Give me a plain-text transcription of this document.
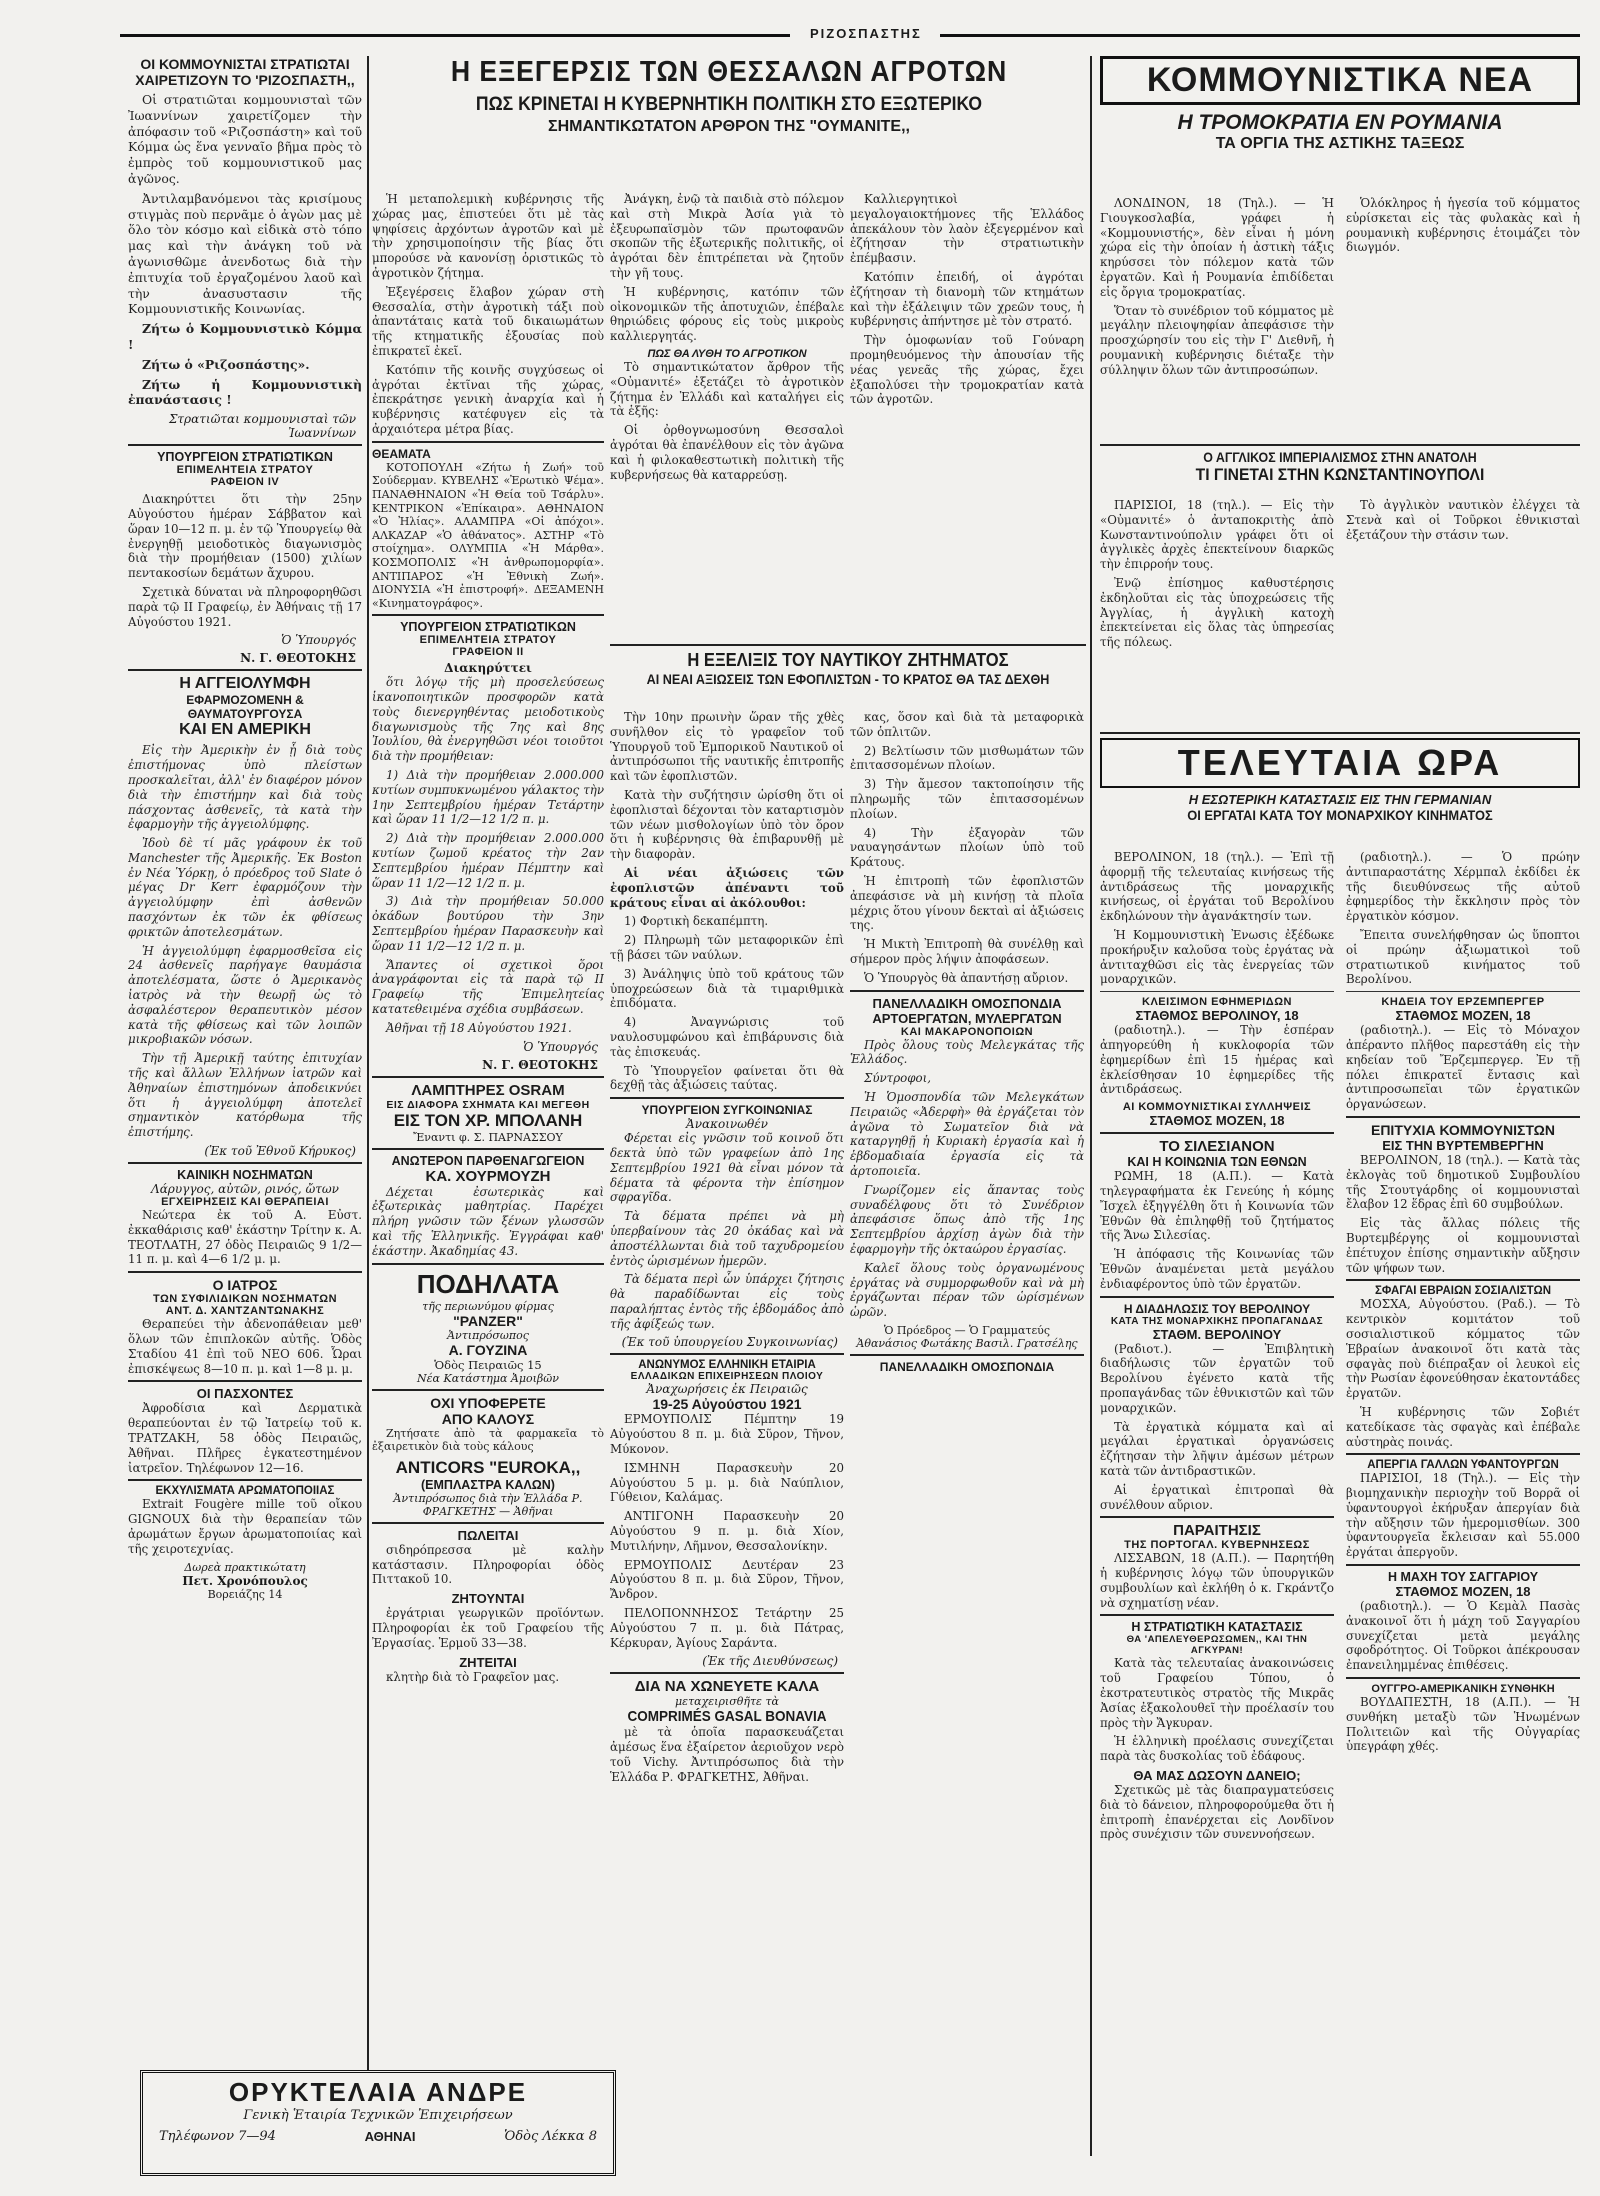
ΡΙΖΟΣΠΑΣΤΗΣ
ΟΙ ΚΟΜΜΟΥΝΙΣΤΑΙ ΣΤΡΑΤΙΩΤΑΙ
ΧΑΙΡΕΤΙΖΟΥΝ ΤΟ 'ΡΙΖΟΣΠΑΣΤΗ,,

Οἱ στρατιῶται κομμουνισταὶ τῶν Ἰωαννίνων χαιρετίζομεν τὴν ἀπόφασιν τοῦ «Ριζοσπάστη» καὶ τοῦ Κόμμα ὡς ἕνα γενναῖο βῆμα πρὸς τὸ ἐμπρὸς τοῦ κομμουνιστικοῦ μας ἀγῶνος.

Ἀντιλαμβανόμενοι τὰς κρισίμους στιγμὰς ποὺ περνᾶμε ὁ ἀγὼν μας μὲ ὅλο τὸν κόσμο καὶ εἰδικὰ στὸ τόπο μας καὶ τὴν ἀνάγκη τοῦ νὰ ἀγωνισθῶμε ἀνενδοτως διὰ τὴν ἐπιτυχία τοῦ ἐργαζομένου λαοῦ καὶ τὴν ἀνασυστασιν τῆς Κομμουνιστικῆς Κοινωνίας.

Ζήτω ὁ Κομμουνιστικὸ Κόμμα !

Ζήτω ὁ «Ριζοσπάστης».

Ζήτω ἡ Κομμουνιστικὴ ἐπανάστασις !

Στρατιῶται κομμουνισταὶ τῶν Ἰωαννίνων
ΥΠΟΥΡΓΕΙΟΝ ΣΤΡΑΤΙΩΤΙΚΩΝ
ΕΠΙΜΕΛΗΤΕΙΑ ΣΤΡΑΤΟΥ
ΡΑΦΕΙΟΝ IV

Διακηρύττει ὅτι τὴν 25ην Αὐγούστου ἡμέραν Σάββατον καὶ ὥραν 10—12 π. μ. ἐν τῷ Ὑπουργείῳ θὰ ἐνεργηθῇ μειοδοτικὸς διαγωνισμὸς διὰ τὴν προμήθειαν (1500) χιλίων πεντακοσίων δεμάτων ἄχυρου.

Σχετικὰ δύναται νὰ πληροφορηθῶσι παρὰ τῷ ΙΙ Γραφείῳ, ἐν Ἀθήναις τῇ 17 Αὐγούστου 1921.

Ὁ Ὑπουργός
Ν. Γ. ΘΕΟΤΟΚΗΣ
Η ΑΓΓΕΙΟΛΥΜΦΗ
ΕΦΑΡΜΟΖΟΜΕΝΗ & ΘΑΥΜΑΤΟΥΡΓΟΥΣΑ
ΚΑΙ ΕΝ ΑΜΕΡΙΚΗ

Εἰς τὴν Ἀμερικὴν ἐν ᾗ διὰ τοὺς ἐπιστήμονας ὑπὸ πλείστων προσκαλεῖται, ἀλλ' ἐν διαφέρον μόνον διὰ τὴν ἐπιστήμην καὶ διὰ τοὺς πάσχοντας ἀσθενεῖς, τὰ κατὰ τὴν ἐφαρμογὴν τῆς ἀγγειολύμφης.

Ἰδοὺ δὲ τί μᾶς γράφουν ἐκ τοῦ Manchester τῆς Ἀμερικῆς. Ἐκ Boston ἐν Νέα Ὑόρκῃ, ὁ πρόεδρος τοῦ Slate ὁ μέγας Dr Kerr ἐφαρμόζουν τὴν ἀγγειολύμφην ἐπὶ ἀσθενῶν πασχόντων ἐκ τῶν ἐκ φθίσεως φρικτῶν ἀποτελεσμάτων.

Ἡ ἀγγειολύμφη ἐφαρμοσθεῖσα εἰς 24 ἀσθενεῖς παρήγαγε θαυμάσια ἀποτελέσματα, ὥστε ὁ Ἀμερικανὸς ἰατρὸς νὰ τὴν θεωρῇ ὡς τὸ ἀσφαλέστερον θεραπευτικὸν μέσον κατὰ τῆς φθίσεως καὶ τῶν λοιπῶν μικροβιακῶν νόσων.

Τὴν τῇ Ἀμερικῇ ταύτης ἐπιτυχίαν τῆς καὶ ἄλλων Ἑλλήνων ἰατρῶν καὶ Ἀθηναίων ἐπιστημόνων ἀποδεικνύει ὅτι ἡ ἀγγειολύμφη ἀποτελεῖ σημαντικὸν κατόρθωμα τῆς ἐπιστήμης.

(Ἐκ τοῦ Ἐθνοῦ Κήρυκος)
ΚΑΙΝΙΚΗ ΝΟΣΗΜΑΤΩΝ
Λάρυγγος, αὐτῶν, ρινός, ὤτων
ΕΓΧΕΙΡΗΣΕΙΣ ΚΑΙ ΘΕΡΑΠΕΙΑΙ

Νεώτερα ἐκ τοῦ Α. Εὐστ. ἐκκαθάρισις καθ' ἑκάστην Τρίτην κ. Α. ΤΕΟΤΛΑΤΗ, 27 ὁδὸς Πειραιῶς 9 1/2—11 π. μ. καὶ 4—6 1/2 μ. μ.

Ο ΙΑΤΡΟΣ
ΤΩΝ ΣΥΦΙΛΙΔΙΚΩΝ ΝΟΣΗΜΑΤΩΝ
ΑΝΤ. Δ. ΧΑΝΤΖΑΝΤΩΝΑΚΗΣ

Θεραπεύει τὴν ἀδενοπάθειαν μεθ' ὅλων τῶν ἐπιπλοκῶν αὐτῆς. Ὁδὸς Σταδίου 41 ἐπὶ τοῦ ΝΕΟ 606. Ὧραι ἐπισκέψεως 8—10 π. μ. καὶ 1—8 μ. μ.

ΟΙ ΠΑΣΧΟΝΤΕΣ

Ἀφροδίσια καὶ Δερματικὰ θεραπεύονται ἐν τῷ Ἰατρείῳ τοῦ κ. ΤΡΑΤΖΑΚΗ, 58 ὁδὸς Πειραιῶς, Ἀθῆναι. Πλῆρες ἐγκατεστημένον ἰατρεῖον. Τηλέφωνον 12—16.

ΕΚΧΥΛΙΣΜΑΤΑ ΑΡΩΜΑΤΟΠΟΙΙΑΣ

Extrait Fougère mille τοῦ οἴκου GIGNOUX διὰ τὴν θεραπείαν τῶν ἀρωμάτων ἔργων ἀρωματοποιίας καὶ τῆς χειροτεχνίας.

Δωρεὰ πρακτικώτατη
Πετ. Χρονόπουλος
Βορειάζης 14
Η ΕΞΕΓΕΡΣΙΣ ΤΩΝ ΘΕΣΣΑΛΩΝ ΑΓΡΟΤΩΝ
ΠΩΣ ΚΡΙΝΕΤΑΙ Η ΚΥΒΕΡΝΗΤΙΚΗ ΠΟΛΙΤΙΚΗ ΣΤΟ ΕΞΩΤΕΡΙΚΟ
ΣΗΜΑΝΤΙΚΩΤΑΤΟΝ ΑΡΘΡΟΝ ΤΗΣ "ΟΥΜΑΝΙΤΕ,,

Ἡ μεταπολεμικὴ κυβέρνησις τῆς χώρας μας, ἐπιστεύει ὅτι μὲ τὰς ψηφίσεις ἀρχόντων ἀγροτῶν καὶ μὲ τὴν χρησιμοποίησιν τῆς βίας ὅτι μπορούσε νὰ κανονίσῃ ὁριστικῶς τὸ ἀγροτικὸν ζήτημα.

Ἐξεγέρσεις ἔλαβον χώραν στὴ Θεσσαλία, στὴν ἀγροτικὴ τάξι ποὺ ἀπαντάταις κατὰ τοῦ δικαιωμάτων τῆς κτηματικῆς ἐξουσίας ποὺ ἐπικρατεῖ ἐκεῖ.

Κατόπιν τῆς κοινῆς συγχύσεως οἱ ἀγρόται ἐκτῖναι τῆς χώρας, ἐπεκράτησε γενικὴ ἀναρχία καὶ ἡ κυβέρνησις κατέφυγεν εἰς τὰ ἀρχαιότερα μέτρα βίας.

ΘΕΑΜΑΤΑ

ΚΟΤΟΠΟΥΛΗ «Ζήτω ἡ Ζωή» τοῦ Σούδερμαν. ΚΥΒΕΛΗΣ «Ἐρωτικὸ Ψέμα». ΠΑΝΑΘΗΝΑΙΟΝ «Ἡ Θεία τοῦ Τσάρλυ». ΚΕΝΤΡΙΚΟΝ «Ἐπίκαιρα». ΑΘΗΝΑΙΟΝ «Ὁ Ἠλίας». ΑΛΑΜΠΡΑ «Οἱ ἀπόχοι». ΑΛΚΑΖΑΡ «Ὁ ἀθάνατος». ΑΣΤΗΡ «Τὸ στοίχημα». ΟΛΥΜΠΙΑ «Ἡ Μάρθα». ΚΟΣΜΟΠΟΛΙΣ «Ἡ ἀνθρωπομορφία». ΑΝΤΙΠΑΡΟΣ «Ἡ Ἐθνικὴ Ζωή». ΔΙΟΝΥΣΙΑ «Ἡ ἐπιστροφή». ΔΕΞΑΜΕΝΗ «Κινηματογράφος».

ΥΠΟΥΡΓΕΙΟΝ ΣΤΡΑΤΙΩΤΙΚΩΝ
ΕΠΙΜΕΛΗΤΕΙΑ ΣΤΡΑΤΟΥ
ΓΡΑΦΕΙΟΝ ΙΙ
Διακηρύττει

ὅτι λόγῳ τῆς μὴ προσελεύσεως ἱκανοποιητικῶν προσφορῶν κατὰ τοὺς διενεργηθέντας μειοδοτικοὺς διαγωνισμοὺς τῆς 7ης καὶ 8ης Ἰουλίου, θὰ ἐνεργηθῶσι νέοι τοιοῦτοι διὰ τὴν προμήθειαν:

1) Διὰ τὴν προμήθειαν 2.000.000 κυτίων συμπυκνωμένου γάλακτος τὴν 1ην Σεπτεμβρίου ἡμέραν Τετάρτην καὶ ὥραν 11 1/2—12 1/2 π. μ.

2) Διὰ τὴν προμήθειαν 2.000.000 κυτίων ζωμοῦ κρέατος τὴν 2αν Σεπτεμβρίου ἡμέραν Πέμπτην καὶ ὥραν 11 1/2—12 1/2 π. μ.

3) Διὰ τὴν προμήθειαν 50.000 ὀκάδων βουτύρου τὴν 3ην Σεπτεμβρίου ἡμέραν Παρασκευὴν καὶ ὥραν 11 1/2—12 1/2 π. μ.

Ἅπαντες οἱ σχετικοὶ ὅροι ἀναγράφονται εἰς τὰ παρὰ τῷ ΙΙ Γραφείῳ τῆς Ἐπιμελητείας κατατεθειμένα σχέδια συμβάσεων.

Ἀθῆναι τῇ 18 Αὐγούστου 1921.

Ὁ Ὑπουργός
Ν. Γ. ΘΕΟΤΟΚΗΣ
ΛΑΜΠΤΗΡΕΣ OSRAM
ΕΙΣ ΔΙΑΦΟΡΑ ΣΧΗΜΑΤΑ ΚΑΙ ΜΕΓΕΘΗ
ΕΙΣ ΤΟΝ ΧΡ. ΜΠΟΛΑΝΗ
Ἔναντι φ. Σ. ΠΑΡΝΑΣΣΟΥ
ΑΝΩΤΕΡΟΝ ΠΑΡΘΕΝΑΓΩΓΕΙΟΝ
ΚΑ. ΧΟΥΡΜΟΥΖΗ

Δέχεται ἐσωτερικὰς καὶ ἐξωτερικὰς μαθητρίας. Παρέχει πλήρη γνῶσιν τῶν ξένων γλωσσῶν καὶ τῆς Ἑλληνικῆς. Ἐγγράφαι καθ' ἑκάστην. Ἀκαδημίας 43.

ΠΟΔΗΛΑΤΑ
τῆς περιωνύμου φίρμας
"PANZER"
Ἀντιπρόσωπος
Α. ΓΟΥΖΙΝΑ
Ὁδὸς Πειραιῶς 15
Νέα Κατάστημα Ἀμοιβῶν
ΟΧΙ ΥΠΟΦΕΡΕΤΕ
ΑΠΟ ΚΑΛΟΥΣ

Ζητήσατε ἀπὸ τὰ φαρμακεῖα τὸ ἐξαιρετικὸν διὰ τοὺς κάλους

ANTICORS "EUROKA,,
(ΕΜΠΛΑΣΤΡΑ ΚΑΛΩΝ)
Ἀντιπρόσωπος διὰ τὴν Ἑλλάδα Ρ. ΦΡΑΓΚΕΤΗΣ — Ἀθῆναι
ΠΩΛΕΙΤΑΙ

σιδηρόπρεσσα μὲ καλὴν κατάστασιν. Πληροφορίαι ὁδὸς Πιττακοῦ 10.

ΖΗΤΟΥΝΤΑΙ

ἐργάτριαι γεωργικῶν προϊόντων. Πληροφορίαι ἐκ τοῦ Γραφείου τῆς Ἐργασίας. Ἑρμοῦ 33—38.

ΖΗΤΕΙΤΑΙ

κλητὴρ διὰ τὸ Γραφεῖον μας.

Ἀνάγκη, ἐνῷ τὰ παιδιὰ στὸ πόλεμον καὶ στὴ Μικρὰ Ἀσία γιὰ τὸ ἐξευρωπαϊσμὸν τῶν πρωτοφανῶν σκοπῶν τῆς ἐξωτερικῆς πολιτικῆς, οἱ ἀγρόται δὲν ἐπιτρέπεται νὰ ζητοῦν τὴν γῆ τους.

Ἡ κυβέρνησις, κατόπιν τῶν οἰκονομικῶν τῆς ἀποτυχιῶν, ἐπέβαλε θηριώδεις φόρους εἰς τοὺς μικροὺς καλλιεργητάς.

ΠΩΣ ΘΑ ΛΥΘΗ ΤΟ ΑΓΡΟΤΙΚΟΝ

Τὸ σημαντικώτατον ἄρθρον τῆς «Οὐμανιτέ» ἐξετάζει τὸ ἀγροτικὸν ζήτημα ἐν Ἑλλάδι καὶ καταλήγει εἰς τὰ ἑξῆς:

Οἱ ὀρθογνωμοσύνη Θεσσαλοὶ ἀγρόται θὰ ἐπανέλθουν εἰς τὸν ἀγῶνα καὶ ἡ φιλοκαθεστωτικὴ πολιτικὴ τῆς κυβερνήσεως θὰ καταρρεύσῃ.

Καλλιεργητικοὶ μεγαλογαιοκτήμονες τῆς Ἑλλάδος ἀπεκάλουν τὸν λαὸν ἐξεγερμένον καὶ ἐζήτησαν τὴν στρατιωτικὴν ἐπέμβασιν.

Κατόπιν ἐπειδή, οἱ ἀγρόται ἐζήτησαν τὴ διανομὴ τῶν κτημάτων καὶ τὴν ἐξάλειψιν τῶν χρεῶν τους, ἡ κυβέρνησις ἀπήντησε μὲ τὸν στρατό.

Τὴν ὁμοφωνίαν τοῦ Γούναρη προμηθευόμενος τὴν ἀπουσίαν τῆς νέας γενεᾶς τῆς χώρας, ἔχει ἐξαπολύσει τὴν τρομοκρατίαν κατὰ τῶν ἀγροτῶν.

Η ΕΞΕΛΙΞΙΣ ΤΟΥ ΝΑΥΤΙΚΟΥ ΖΗΤΗΜΑΤΟΣ
ΑΙ ΝΕΑΙ ΑΞΙΩΣΕΙΣ ΤΩΝ ΕΦΟΠΛΙΣΤΩΝ - ΤΟ ΚΡΑΤΟΣ ΘΑ ΤΑΣ ΔΕΧΘΗ

Τὴν 10ην πρωινὴν ὥραν τῆς χθὲς συνῆλθον εἰς τὸ γραφεῖον τοῦ Ὑπουργοῦ τοῦ Ἐμπορικοῦ Ναυτικοῦ οἱ ἀντιπρόσωποι τῆς ναυτικῆς ἐπιτροπῆς καὶ τῶν ἐφοπλιστῶν.

Κατὰ τὴν συζήτησιν ὡρίσθη ὅτι οἱ ἐφοπλισταὶ δέχονται τὸν καταρτισμὸν τῶν νέων μισθολογίων ὑπὸ τὸν ὅρον ὅτι ἡ κυβέρνησις θὰ ἐπιβαρυνθῇ μὲ τὴν διαφορὰν.

Αἱ νέαι ἀξιώσεις τῶν ἐφοπλιστῶν ἀπέναντι τοῦ κράτους εἶναι αἱ ἀκόλουθοι:

1) Φορτικὴ δεκαπέμπτη.

2) Πληρωμὴ τῶν μεταφορικῶν ἐπὶ τῇ βάσει τῶν ναύλων.

3) Ἀνάληψις ὑπὸ τοῦ κράτους τῶν ὑποχρεώσεων διὰ τὰ τιμαριθμικὰ ἐπιδόματα.

4) Ἀναγνώρισις τοῦ ναυλοσυμφώνου καὶ ἐπιβάρυνσις διὰ τὰς ἐπισκευάς.

Τὸ Ὑπουργεῖον φαίνεται ὅτι θὰ δεχθῇ τὰς ἀξιώσεις ταύτας.

ΥΠΟΥΡΓΕΙΟΝ ΣΥΓΚΟΙΝΩΝΙΑΣ
Ἀνακοινωθέν

Φέρεται εἰς γνῶσιν τοῦ κοινοῦ ὅτι δεκτὰ ὑπὸ τῶν γραφείων ἀπὸ 1ης Σεπτεμβρίου 1921 θὰ εἶναι μόνον τὰ δέματα τὰ φέροντα τὴν ἐπίσημον σφραγῖδα.

Τὰ δέματα πρέπει νὰ μὴ ὑπερβαίνουν τὰς 20 ὀκάδας καὶ νὰ ἀποστέλλωνται διὰ τοῦ ταχυδρομείου ἐντὸς ὡρισμένων ἡμερῶν.

Τὰ δέματα περὶ ὧν ὑπάρχει ζήτησις θὰ παραδίδωνται εἰς τοὺς παραλήπτας ἐντὸς τῆς ἑβδομάδος ἀπὸ τῆς ἀφίξεώς των.

(Ἐκ τοῦ ὑπουργείου Συγκοινωνίας)
ΑΝΩΝΥΜΟΣ ΕΛΛΗΝΙΚΗ ΕΤΑΙΡΙΑ
ΕΛΛΑΔΙΚΩΝ ΕΠΙΧΕΙΡΗΣΕΩΝ ΠΛΟΙΟΥ
Ἀναχωρήσεις ἐκ Πειραιῶς
19-25 Αὐγούστου 1921

ΕΡΜΟΥΠΟΛΙΣ Πέμπτην 19 Αὐγούστου 8 π. μ. διὰ Σῦρον, Τῆνον, Μύκονον.

ΙΣΜΗΝΗ Παρασκευὴν 20 Αὐγούστου 5 μ. μ. διὰ Ναύπλιον, Γύθειον, Καλάμας.

ΑΝΤΙΓΟΝΗ Παρασκευὴν 20 Αὐγούστου 9 π. μ. διὰ Χίον, Μυτιλήνην, Λῆμνον, Θεσσαλονίκην.

ΕΡΜΟΥΠΟΛΙΣ Δευτέραν 23 Αὐγούστου 8 π. μ. διὰ Σῦρον, Τῆνον, Ἄνδρον.

ΠΕΛΟΠΟΝΝΗΣΟΣ Τετάρτην 25 Αὐγούστου 7 π. μ. διὰ Πάτρας, Κέρκυραν, Ἀγίους Σαράντα.

(Ἐκ τῆς Διευθύνσεως)
ΔΙΑ ΝΑ ΧΩΝΕΥΕΤΕ ΚΑΛΑ
μεταχειρισθῆτε τὰ
COMPRIMÉS GASAL BONAVIA

μὲ τὰ ὁποῖα παρασκευάζεται ἀμέσως ἕνα ἐξαίρετον ἀεριοῦχον νερὸ τοῦ Vichy. Ἀντιπρόσωπος διὰ τὴν Ἑλλάδα Ρ. ΦΡΑΓΚΕΤΗΣ, Ἀθῆναι.

κας, ὅσον καὶ διὰ τὰ μεταφορικὰ τῶν ὁπλιτῶν.

2) Βελτίωσιν τῶν μισθωμάτων τῶν ἐπιτασσομένων πλοίων.

3) Τὴν ἄμεσον τακτοποίησιν τῆς πληρωμῆς τῶν ἐπιτασσομένων πλοίων.

4) Τὴν ἐξαγορὰν τῶν ναυαγησάντων πλοίων ὑπὸ τοῦ Κράτους.

Ἡ ἐπιτροπὴ τῶν ἐφοπλιστῶν ἀπεφάσισε νὰ μὴ κινήσῃ τὰ πλοῖα μέχρις ὅτου γίνουν δεκταὶ αἱ ἀξιώσεις της.

Ἡ Μικτὴ Ἐπιτροπὴ θὰ συνέλθῃ καὶ σήμερον πρὸς λήψιν ἀποφάσεων.

Ὁ Ὑπουργὸς θὰ ἀπαντήσῃ αὔριον.

ΠΑΝΕΛΛΑΔΙΚΗ ΟΜΟΣΠΟΝΔΙΑ
ΑΡΤΟΕΡΓΑΤΩΝ, ΜΥΛΕΡΓΑΤΩΝ
ΚΑΙ ΜΑΚΑΡΟΝΟΠΟΙΩΝ

Πρὸς ὅλους τοὺς Μελεγκάτας τῆς Ἑλλάδος.

Σύντροφοι,

Ἡ Ὁμοσπονδία τῶν Μελεγκάτων Πειραιῶς «Ἀδερφὴ» θὰ ἐργάζεται τὸν ἀγῶνα τὸ Σωματεῖον διὰ νὰ καταργηθῇ ἡ Κυριακὴ ἐργασία καὶ ἡ ἑβδομαδιαία ἐργασία εἰς τὰ ἀρτοποιεῖα.

Γνωρίζομεν εἰς ἅπαντας τοὺς συναδέλφους ὅτι τὸ Συνέδριον ἀπεφάσισε ὅπως ἀπὸ τῆς 1ης Σεπτεμβρίου ἀρχίσῃ ἀγὼν διὰ τὴν ἐφαρμογὴν τῆς ὀκταώρου ἐργασίας.

Καλεῖ ὅλους τοὺς ὀργανωμένους ἐργάτας νὰ συμμορφωθοῦν καὶ νὰ μὴ ἐργάζωνται πέραν τῶν ὡρίσμένων ὡρῶν.

Ὁ Πρόεδρος — Ὁ Γραμματεύς
Ἀθανάσιος Φωτάκης Βασιλ. Γρατσέλης
ΠΑΝΕΛΛΑΔΙΚΗ ΟΜΟΣΠΟΝΔΙΑ
ΚΟΜΜΟΥΝΙΣΤΙΚΑ ΝΕΑ
Η ΤΡΟΜΟΚΡΑΤΙΑ ΕΝ ΡΟΥΜΑΝΙΑ
ΤΑ ΟΡΓΙΑ ΤΗΣ ΑΣΤΙΚΗΣ ΤΑΞΕΩΣ

ΛΟΝΔΙΝΟΝ, 18 (Τηλ.). — Ἡ Γιουγκοσλαβία, γράφει ἡ «Κομμουνιστής», δὲν εἶναι ἡ μόνη χώρα εἰς τὴν ὁποίαν ἡ ἀστικὴ τάξις κηρύσσει τὸν πόλεμον κατὰ τῶν ἐργατῶν. Καὶ ἡ Ρουμανία ἐπιδίδεται εἰς ὄργια τρομοκρατίας.

Ὅταν τὸ συνέδριον τοῦ κόμματος μὲ μεγάλην πλειοψηφίαν ἀπεφάσισε τὴν προσχώρησίν του εἰς τὴν Γ' Διεθνῆ, ἡ ρουμανικὴ κυβέρνησις διέταξε τὴν σύλληψιν ὅλων τῶν ἀντιπροσώπων.

Ὁλόκληρος ἡ ἡγεσία τοῦ κόμματος εὑρίσκεται εἰς τὰς φυλακὰς καὶ ἡ ρουμανικὴ κυβέρνησις ἑτοιμάζει τὸν διωγμόν.

Ο ΑΓΓΛΙΚΟΣ ΙΜΠΕΡΙΑΛΙΣΜΟΣ ΣΤΗΝ ΑΝΑΤΟΛΗ
ΤΙ ΓΙΝΕΤΑΙ ΣΤΗΝ ΚΩΝΣΤΑΝΤΙΝΟΥΠΟΛΙ

ΠΑΡΙΣΙΟΙ, 18 (τηλ.). — Εἰς τὴν «Οὐμανιτέ» ὁ ἀνταποκριτὴς ἀπὸ Κωνσταντινούπολιν γράφει ὅτι οἱ ἀγγλικὲς ἀρχὲς ἐπεκτείνουν διαρκῶς τὴν ἐπιρροήν τους.

Ἐνῷ ἐπίσημος καθυστέρησις ἐκδηλοῦται εἰς τὰς ὑποχρεώσεις τῆς Ἀγγλίας, ἡ ἀγγλικὴ κατοχὴ ἐπεκτείνεται εἰς ὅλας τὰς ὑπηρεσίας τῆς πόλεως.

Τὸ ἀγγλικὸν ναυτικὸν ἐλέγχει τὰ Στενὰ καὶ οἱ Τοῦρκοι ἐθνικισταὶ ἐξετάζουν τὴν στάσιν των.

ΤΕΛΕΥΤΑΙΑ ΩΡΑ
Η ΕΣΩΤΕΡΙΚΗ ΚΑΤΑΣΤΑΣΙΣ ΕΙΣ ΤΗΝ ΓΕΡΜΑΝΙΑΝ
ΟΙ ΕΡΓΑΤΑΙ ΚΑΤΑ ΤΟΥ ΜΟΝΑΡΧΙΚΟΥ ΚΙΝΗΜΑΤΟΣ

ΒΕΡΟΛΙΝΟΝ, 18 (τηλ.). — Ἐπὶ τῇ ἀφορμῇ τῆς τελευταίας κινήσεως τῆς ἀντιδράσεως τῆς μοναρχικῆς κινήσεως, οἱ ἐργάται τοῦ Βερολίνου ἐκδηλώνουν τὴν ἀγανάκτησίν των.

Ἡ Κομμουνιστικὴ Ἐνωσις ἐξέδωκε προκήρυξιν καλοῦσα τοὺς ἐργάτας νὰ ἀντιταχθῶσι εἰς τὰς ἐνεργείας τῶν μοναρχικῶν.

ΚΛΕΙΣΙΜΟΝ ΕΦΗΜΕΡΙΔΩΝ
ΣΤΑΘΜΟΣ ΒΕΡΟΛΙΝΟΥ, 18

(ραδιοτηλ.). — Τὴν ἑσπέραν ἀπηγορεύθη ἡ κυκλοφορία τῶν ἐφημερίδων ἐπὶ 15 ἡμέρας καὶ ἐκλείσθησαν 10 ἐφημερίδες τῆς ἀντιδράσεως.

ΑΙ ΚΟΜΜΟΥΝΙΣΤΙΚΑΙ ΣΥΛΛΗΨΕΙΣ
ΣΤΑΘΜΟΣ ΜΟΖΕΝ, 18
ΤΟ ΣΙΛΕΣΙΑΝΟΝ
ΚΑΙ Η ΚΟΙΝΩΝΙΑ ΤΩΝ ΕΘΝΩΝ

ΡΩΜΗ, 18 (Α.Π.). — Κατὰ τηλεγραφήματα ἐκ Γενεύης ἡ κόμης Ἴσχελ ἐξηγγέλθη ὅτι ἡ Κοινωνία τῶν Ἐθνῶν θὰ ἐπιληφθῇ τοῦ ζητήματος τῆς Ἄνω Σιλεσίας.

Ἡ ἀπόφασις τῆς Κοινωνίας τῶν Ἐθνῶν ἀναμένεται μετὰ μεγάλου ἐνδιαφέροντος ὑπὸ τῶν ἐργατῶν.

Η ΔΙΑΔΗΛΩΣΙΣ ΤΟΥ ΒΕΡΟΛΙΝΟΥ
ΚΑΤΑ ΤΗΣ ΜΟΝΑΡΧΙΚΗΣ ΠΡΟΠΑΓΑΝΔΑΣ
ΣΤΑΘΜ. ΒΕΡΟΛΙΝΟΥ

(Ραδιοτ.). — Ἐπιβλητικὴ διαδήλωσις τῶν ἐργατῶν τοῦ Βερολίνου ἐγένετο κατὰ τῆς προπαγάνδας τῶν ἐθνικιστῶν καὶ τῶν μοναρχικῶν.

Τὰ ἐργατικὰ κόμματα καὶ αἱ μεγάλαι ἐργατικαὶ ὀργανώσεις ἐζήτησαν τὴν λῆψιν ἀμέσων μέτρων κατὰ τῶν ἀντιδραστικῶν.

Αἱ ἐργατικαὶ ἐπιτροπαὶ θὰ συνέλθουν αὔριον.

ΠΑΡΑΙΤΗΣΙΣ
ΤΗΣ ΠΟΡΤΟΓΑΛ. ΚΥΒΕΡΝΗΣΕΩΣ

ΛΙΣΣΑΒΩΝ, 18 (Α.Π.). — Παρητήθη ἡ κυβέρνησις λόγῳ τῶν ὑπουργικῶν συμβουλίων καὶ ἐκλήθη ὁ κ. Γκράντζο νὰ σχηματίσῃ νέαν.

Η ΣΤΡΑΤΙΩΤΙΚΗ ΚΑΤΑΣΤΑΣΙΣ
ΘΑ 'ΑΠΕΛΕΥΘΕΡΩΣΩΜΕΝ,, ΚΑΙ ΤΗΝ ΑΓΚΥΡΑΝ!

Κατὰ τὰς τελευταίας ἀνακοινώσεις τοῦ Γραφείου Τύπου, ὁ ἐκστρατευτικὸς στρατὸς τῆς Μικρᾶς Ἀσίας ἐξακολουθεῖ τὴν προέλασίν του πρὸς τὴν Ἄγκυραν.

Ἡ ἑλληνικὴ προέλασις συνεχίζεται παρὰ τὰς δυσκολίας τοῦ ἐδάφους.

ΘΑ ΜΑΣ ΔΩΣΟΥΝ ΔΑΝΕΙΟ;

Σχετικῶς μὲ τὰς διαπραγματεύσεις διὰ τὸ δάνειον, πληροφορούμεθα ὅτι ἡ ἐπιτροπὴ ἐπανέρχεται εἰς Λονδῖνον πρὸς συνέχισιν τῶν συνεννοήσεων.

(ραδιοτηλ.). — Ὁ πρώην ἀντιπαραστάτης Χέρμπαλ ἐκδίδει ἐκ τῆς διευθύνσεως τῆς αὐτοῦ ἐφημερίδος τὴν ἔκκλησιν πρὸς τὸν ἐργατικὸν κόσμον.

Ἔπειτα συνελήφθησαν ὡς ὕποπτοι οἱ πρώην ἀξιωματικοὶ τοῦ στρατιωτικοῦ κινήματος τοῦ Βερολίνου.

ΚΗΔΕΙΑ ΤΟΥ ΕΡΖΕΜΠΕΡΓΕΡ
ΣΤΑΘΜΟΣ ΜΟΖΕΝ, 18

(ραδιοτηλ.). — Εἰς τὸ Μόναχον ἀπέραντο πλῆθος παρεστάθη εἰς τὴν κηδείαν τοῦ Ἔρζεμπεργερ. Ἐν τῇ πόλει ἐπικρατεῖ ἔντασις καὶ ἀντιπροσωπεῖαι τῶν ἐργατικῶν ὀργανώσεων.

ΕΠΙΤΥΧΙΑ ΚΟΜΜΟΥΝΙΣΤΩΝ
ΕΙΣ ΤΗΝ ΒΥΡΤΕΜΒΕΡΓΗΝ

ΒΕΡΟΛΙΝΟΝ, 18 (τηλ.). — Κατὰ τὰς ἐκλογὰς τοῦ δημοτικοῦ Συμβουλίου τῆς Στουτγάρδης οἱ κομμουνισταὶ ἔλαβον 12 ἕδρας ἐπὶ 60 συμβούλων.

Εἰς τὰς ἄλλας πόλεις τῆς Βυρτεμβέργης οἱ κομμουνισταὶ ἐπέτυχον ἐπίσης σημαντικὴν αὔξησιν τῶν ψήφων των.

ΣΦΑΓΑΙ ΕΒΡΑΙΩΝ ΣΟΣΙΑΛΙΣΤΩΝ

ΜΟΣΧΑ, Αὐγούστου. (Ραδ.). — Τὸ κεντρικὸν κομιτάτον τοῦ σοσιαλιστικοῦ κόμματος τῶν Ἑβραίων ἀνακοινοῖ ὅτι κατὰ τὰς σφαγὰς ποὺ διέπραξαν οἱ λευκοὶ εἰς τὴν Ρωσίαν ἐφονεύθησαν ἑκατοντάδες ἐργατῶν.

Ἡ κυβέρνησις τῶν Σοβιέτ κατεδίκασε τὰς σφαγὰς καὶ ἐπέβαλε αὐστηρὰς ποινάς.

ΑΠΕΡΓΙΑ ΓΑΛΛΩΝ ΥΦΑΝΤΟΥΡΓΩΝ

ΠΑΡΙΣΙΟΙ, 18 (Τηλ.). — Εἰς τὴν βιομηχανικὴν περιοχὴν τοῦ Βορρᾶ οἱ ὑφαντουργοὶ ἐκήρυξαν ἀπεργίαν διὰ τὴν αὔξησιν τῶν ἡμερομισθίων. 300 ὑφαντουργεῖα ἔκλεισαν καὶ 55.000 ἐργάται ἀπεργοῦν.

Η ΜΑΧΗ ΤΟΥ ΣΑΓΓΑΡΙΟΥ
ΣΤΑΘΜΟΣ ΜΟΖΕΝ, 18

(ραδιοτηλ.). — Ὁ Κεμὰλ Πασὰς ἀνακοινοῖ ὅτι ἡ μάχη τοῦ Σαγγαρίου συνεχίζεται μετὰ μεγάλης σφοδρότητος. Οἱ Τοῦρκοι ἀπέκρουσαν ἐπανειλημμένας ἐπιθέσεις.

ΟΥΓΓΡΟ-ΑΜΕΡΙΚΑΝΙΚΗ ΣΥΝΘΗΚΗ

ΒΟΥΔΑΠΕΣΤΗ, 18 (Α.Π.). — Ἡ συνθήκη μεταξὺ τῶν Ἡνωμένων Πολιτειῶν καὶ τῆς Οὐγγαρίας ὑπεγράφη χθές.

ΟΡΥΚΤΕΛΑΙΑ ΑΝΔΡΕ
Γενικὴ Ἑταιρία Τεχνικῶν Ἐπιχειρήσεων
Τηλέφωνον 7—94	ΑΘΗΝΑΙ	Ὁδὸς Λέκκα 8
